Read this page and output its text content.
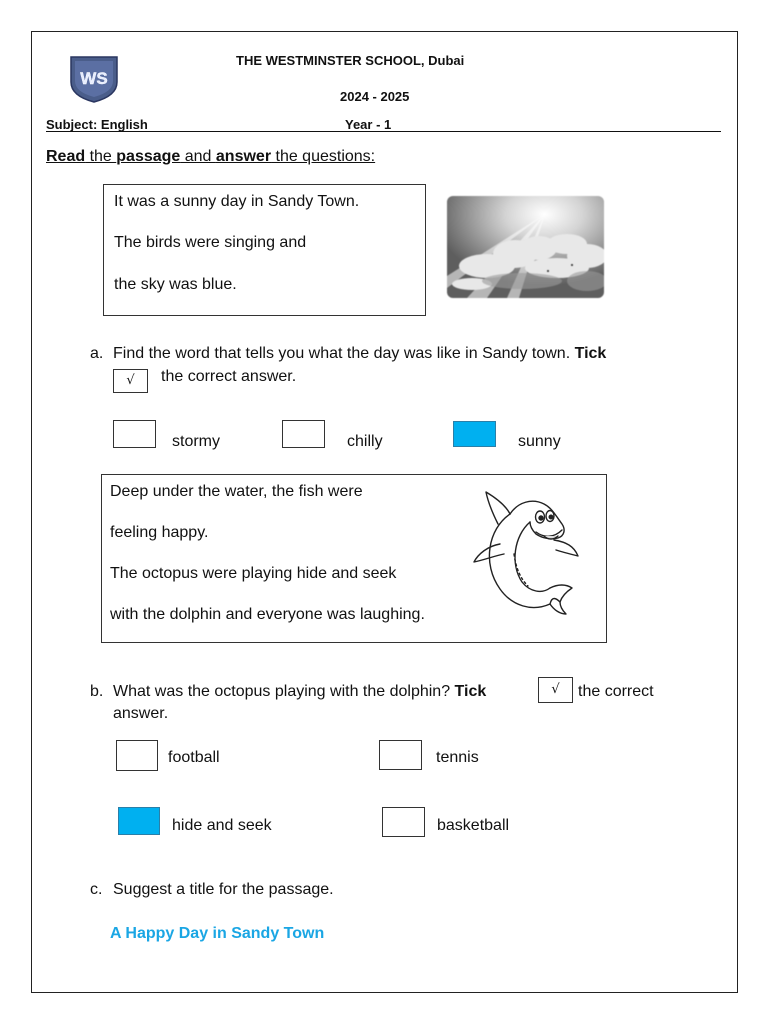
WS
THE WESTMINSTER SCHOOL, Dubai
2024 - 2025
Subject: English	Year - 1
Read the passage and answer the questions:
It was a sunny day in Sandy Town.
The birds were singing and
the sky was blue.
a. Find the word that tells you what the day was like in Sandy town. Tick
√	the correct answer.
stormy	chilly	sunny
Deep under the water, the fish were
feeling happy.
The octopus were playing hide and seek
with the dolphin and everyone was laughing.
b. What was the octopus playing with the dolphin? Tick	√	the correct
answer.
football	tennis
hide and seek	basketball
c. Suggest a title for the passage.
A Happy Day in Sandy Town
